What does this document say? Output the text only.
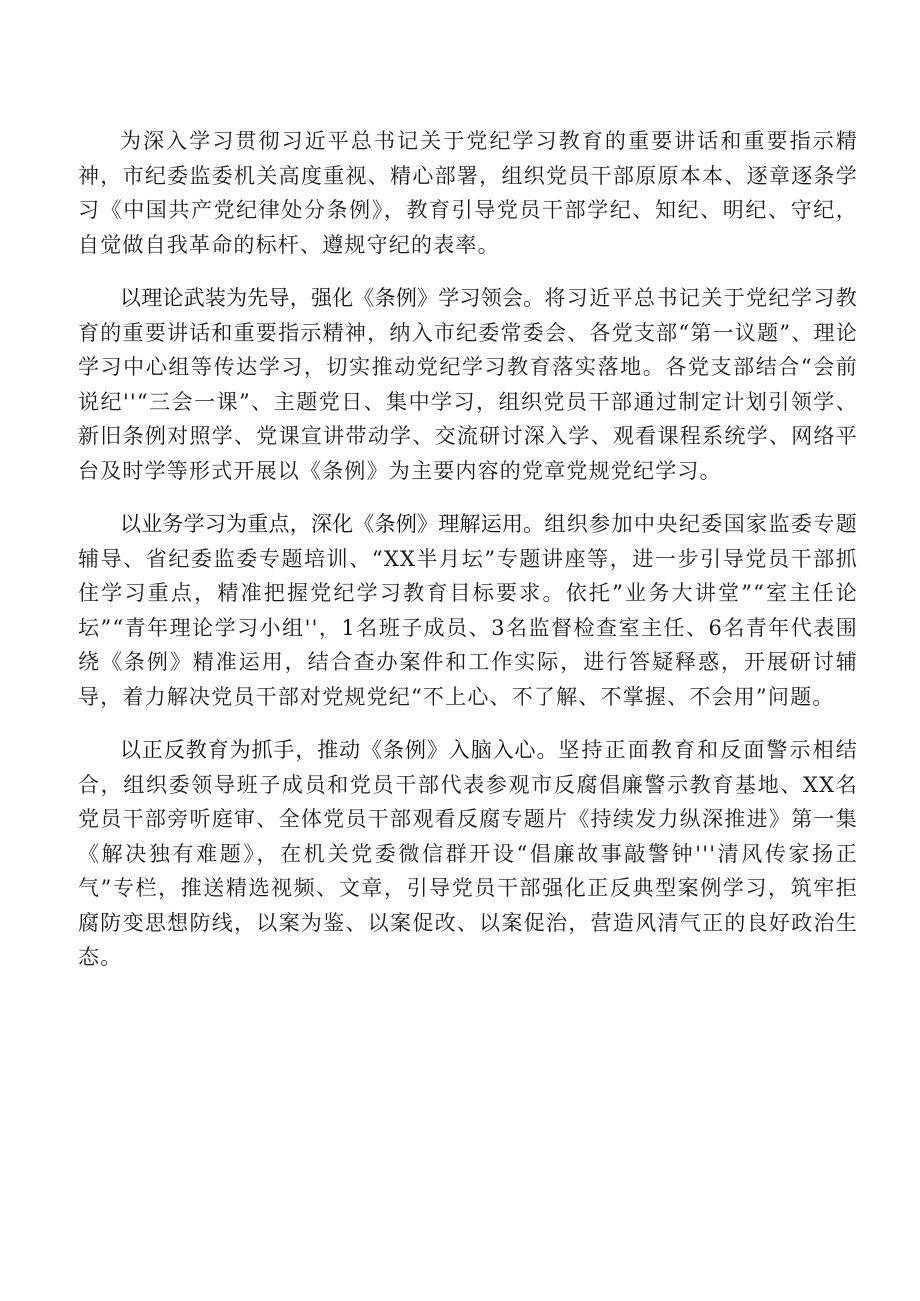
为深入学习贯彻习近平总书记关于党纪学习教育的重要讲话和重要指示精神，市纪委监委机关高度重视、精心部署，组织党员干部原原本本、逐章逐条学习《中国共产党纪律处分条例》，教育引导党员干部学纪、知纪、明纪、守纪，自觉做自我革命的标杆、遵规守纪的表率。

以理论武装为先导，强化《条例》学习领会。将习近平总书记关于党纪学习教育的重要讲话和重要指示精神，纳入市纪委常委会、各党支部“第一议题”、理论学习中心组等传达学习，切实推动党纪学习教育落实落地。各党支部结合“会前说纪''“三会一课”、主题党日、集中学习，组织党员干部通过制定计划引领学、新旧条例对照学、党课宣讲带动学、交流研讨深入学、观看课程系统学、网络平台及时学等形式开展以《条例》为主要内容的党章党规党纪学习。

以业务学习为重点，深化《条例》理解运用。组织参加中央纪委国家监委专题辅导、省纪委监委专题培训、“XX半月坛”专题讲座等，进一步引导党员干部抓住学习重点，精准把握党纪学习教育目标要求。依托”业务大讲堂”“室主任论坛”“青年理论学习小组''，1名班子成员、3名监督检查室主任、6名青年代表围绕《条例》精准运用，结合查办案件和工作实际，进行答疑释惑，开展研讨辅导，着力解决党员干部对党规党纪“不上心、不了解、不掌握、不会用”问题。

以正反教育为抓手，推动《条例》入脑入心。坚持正面教育和反面警示相结合，组织委领导班子成员和党员干部代表参观市反腐倡廉警示教育基地、XX名党员干部旁听庭审、全体党员干部观看反腐专题片《持续发力纵深推进》第一集《解决独有难题》，在机关党委微信群开设“倡廉故事敲警钟'''清风传家扬正气”专栏，推送精选视频、文章，引导党员干部强化正反典型案例学习，筑牢拒腐防变思想防线，以案为鉴、以案促改、以案促治，营造风清气正的良好政治生态。
